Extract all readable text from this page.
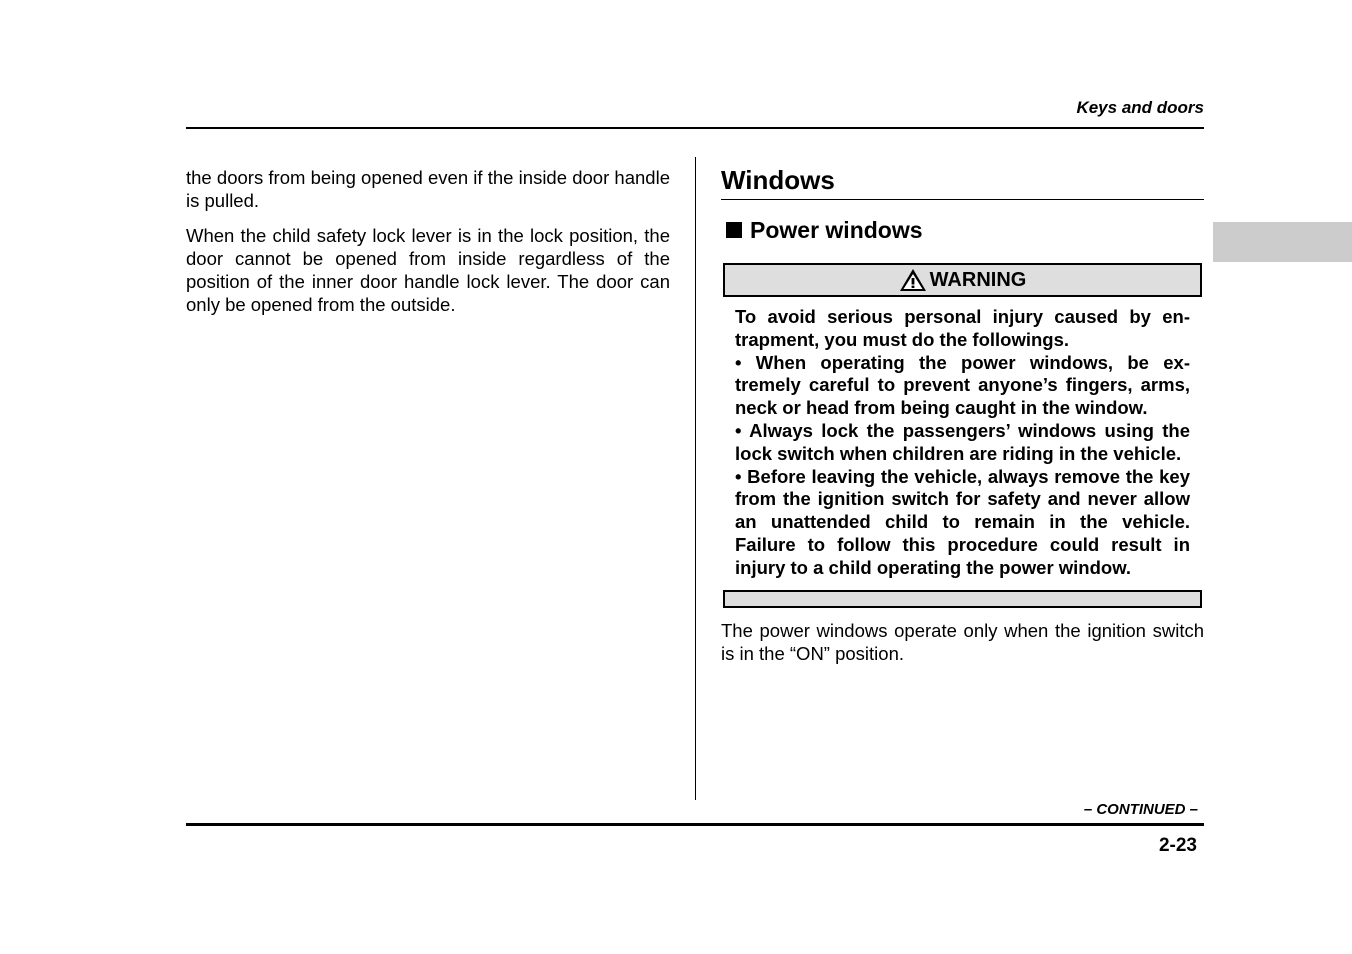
Keys and doors

the doors from being opened even if the inside door handle is pulled.

When the child safety lock lever is in the lock position, the door cannot be opened from inside regardless of the position of the inner door handle lock lever. The door can only be opened from the outside.

Windows
Power windows
WARNING

To avoid serious personal injury caused by en-trapment, you must do the followings.

• When operating the power windows, be ex-tremely careful to prevent anyone’s fingers, arms, neck or head from being caught in the window.

• Always lock the passengers’ windows using the lock switch when children are riding in the vehicle.

• Before leaving the vehicle, always remove the key from the ignition switch for safety and never allow an unattended child to remain in the vehicle. Failure to follow this procedure could result in injury to a child operating the power window.

The power windows operate only when the ignition switch is in the “ON” position.
– CONTINUED –
2-23
